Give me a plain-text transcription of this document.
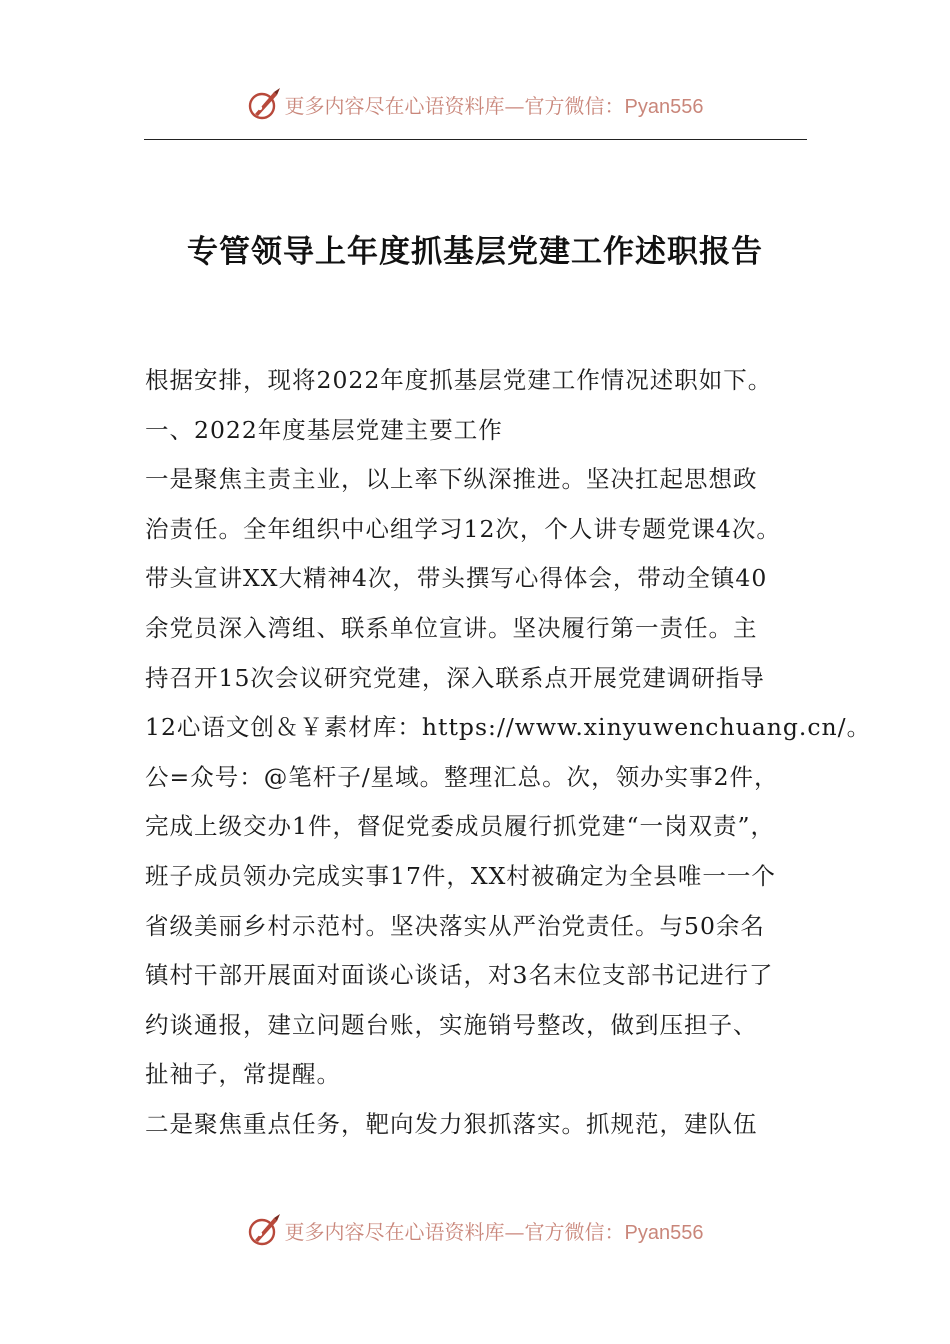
更多内容尽在心语资料库—官方微信：Pyan556
专管领导上年度抓基层党建工作述职报告
根据安排，现将2022年度抓基层党建工作情况述职如下。
一、2022年度基层党建主要工作
一是聚焦主责主业，以上率下纵深推进。坚决扛起思想政
治责任。全年组织中心组学习12次，个人讲专题党课4次。
带头宣讲XX大精神4次，带头撰写心得体会，带动全镇40
余党员深入湾组、联系单位宣讲。坚决履行第一责任。主
持召开15次会议研究党建，深入联系点开展党建调研指导
12心语文创＆￥素材库：https://www.xinyuwenchuang.cn/。
公=众号：@笔杆子/星域。整理汇总。次，领办实事2件，
完成上级交办1件，督促党委成员履行抓党建“一岗双责”，
班子成员领办完成实事17件，XX村被确定为全县唯一一个
省级美丽乡村示范村。坚决落实从严治党责任。与50余名
镇村干部开展面对面谈心谈话，对3名末位支部书记进行了
约谈通报，建立问题台账，实施销号整改，做到压担子、
扯袖子，常提醒。
二是聚焦重点任务，靶向发力狠抓落实。抓规范，建队伍
更多内容尽在心语资料库—官方微信：Pyan556
